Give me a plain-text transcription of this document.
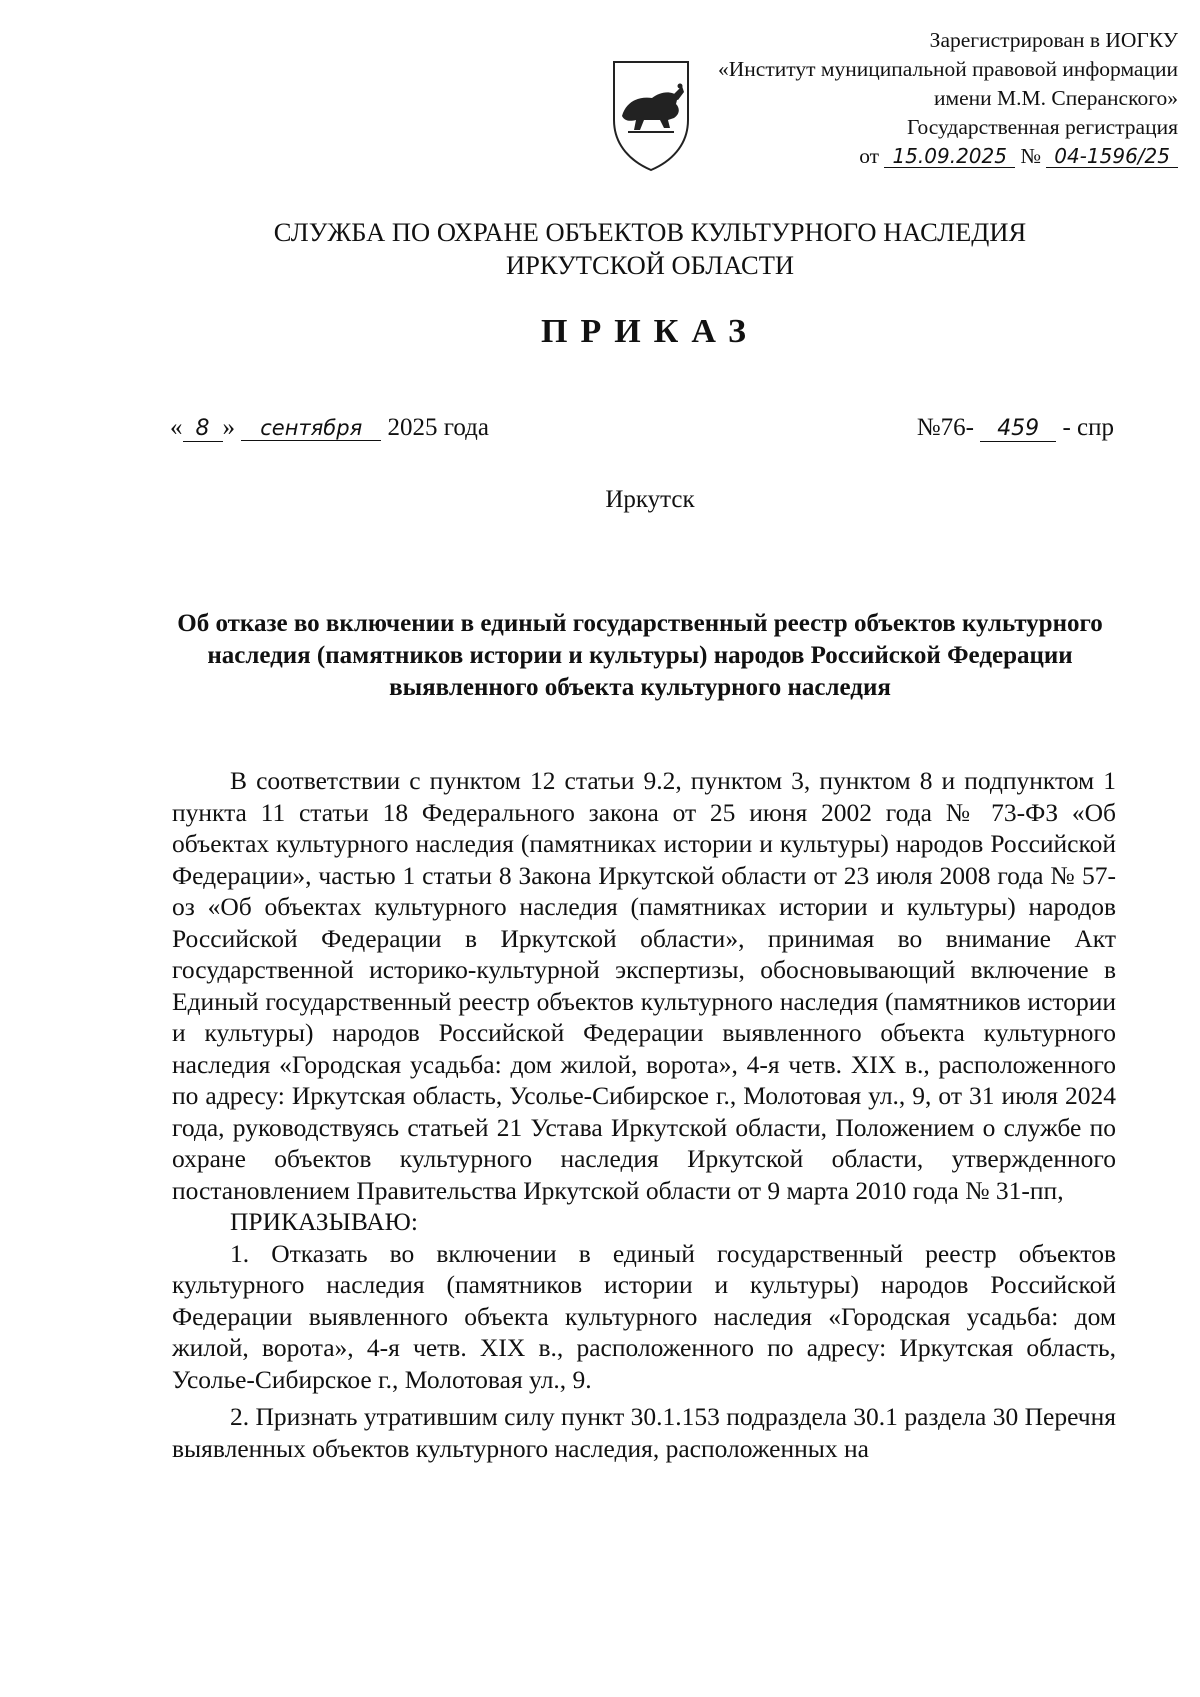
Зарегистрирован в ИОГКУ
«Институт муниципальной правовой информации
имени М.М. Сперанского»
Государственная регистрация
от 15.09.2025 № 04-1596/25
СЛУЖБА ПО ОХРАНЕ ОБЪЕКТОВ КУЛЬТУРНОГО НАСЛЕДИЯ
ИРКУТСКОЙ ОБЛАСТИ
ПРИКАЗ
« 8 » сентября 2025 года	№76- 459 - спр
Иркутск
Об отказе во включении в единый государственный реестр объектов культурного наследия (памятников истории и культуры) народов Российской Федерации выявленного объекта культурного наследия

В соответствии с пунктом 12 статьи 9.2, пунктом 3, пунктом 8 и подпунктом 1 пункта 11 статьи 18 Федерального закона от 25 июня 2002 года № 73-ФЗ «Об объектах культурного наследия (памятниках истории и культуры) народов Российской Федерации», частью 1 статьи 8 Закона Иркутской области от 23 июля 2008 года № 57-оз «Об объектах культурного наследия (памятниках истории и культуры) народов Российской Федерации в Иркутской области», принимая во внимание Акт государственной историко-культурной экспертизы, обосновывающий включение в Единый государственный реестр объектов культурного наследия (памятников истории и культуры) народов Российской Федерации выявленного объекта культурного наследия «Городская усадьба: дом жилой, ворота», 4-я четв. XIX в., расположенного по адресу: Иркутская область, Усолье-Сибирское г., Молотовая ул., 9, от 31 июля 2024 года, руководствуясь статьей 21 Устава Иркутской области, Положением о службе по охране объектов культурного наследия Иркутской области, утвержденного постановлением Правительства Иркутской области от 9 марта 2010 года № 31-пп,

ПРИКАЗЫВАЮ:

1. Отказать во включении в единый государственный реестр объектов культурного наследия (памятников истории и культуры) народов Российской Федерации выявленного объекта культурного наследия «Городская усадьба: дом жилой, ворота», 4-я четв. XIX в., расположенного по адресу: Иркутская область, Усолье-Сибирское г., Молотовая ул., 9.

2. Признать утратившим силу пункт 30.1.153 подраздела 30.1 раздела 30 Перечня выявленных объектов культурного наследия, расположенных на
